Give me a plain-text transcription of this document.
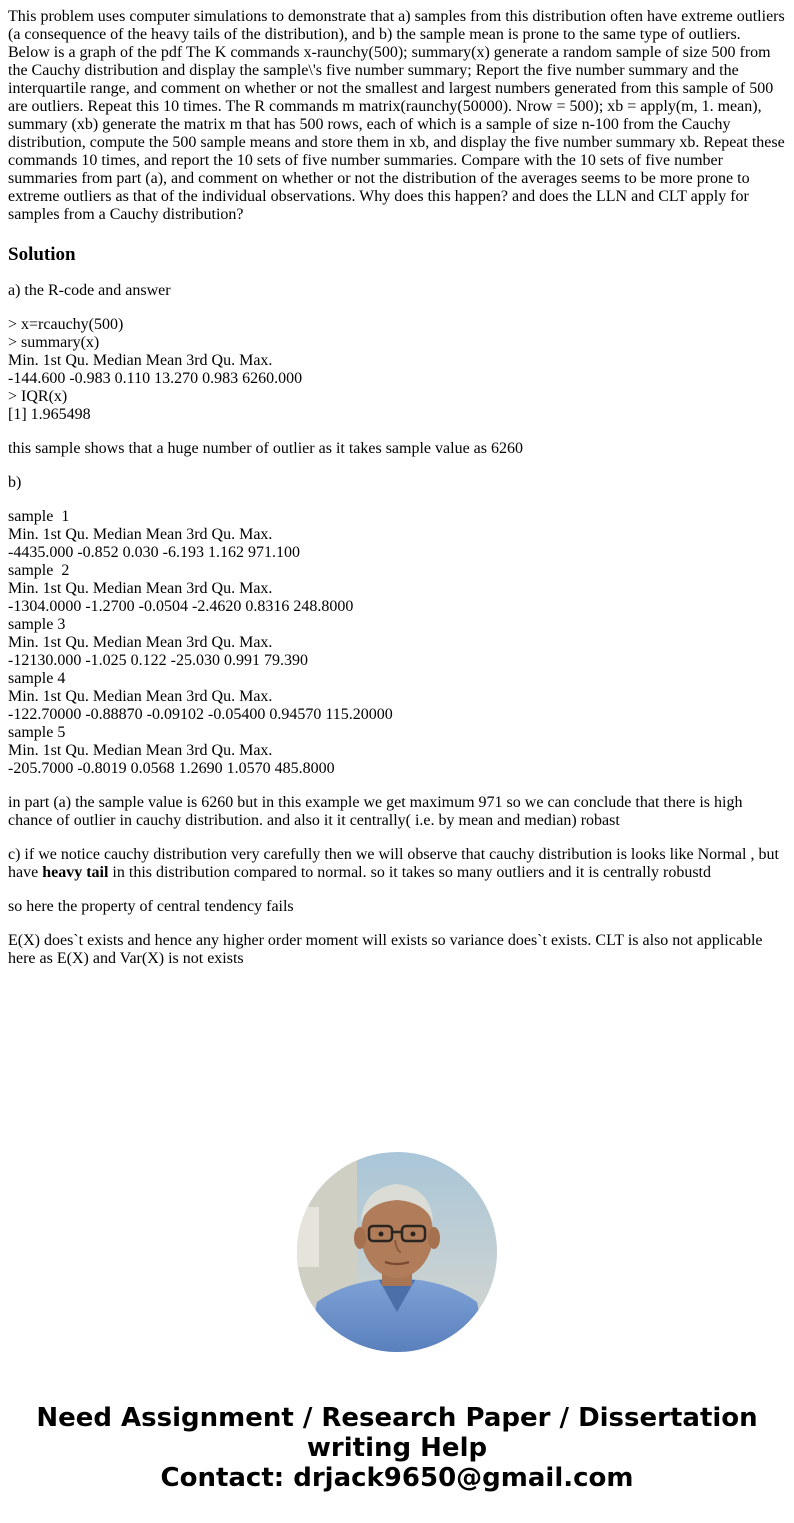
This problem uses computer simulations to demonstrate that a) samples from this distribution often have extreme outliers (a consequence of the heavy tails of the distribution), and b) the sample mean is prone to the same type of outliers. Below is a graph of the pdf The K commands x-raunchy(500); summary(x) generate a random sample of size 500 from the Cauchy distribution and display the sample\'s five number summary; Report the five number summary and the interquartile range, and comment on whether or not the smallest and largest numbers generated from this sample of 500 are outliers. Repeat this 10 times. The R commands m matrix(raunchy(50000). Nrow = 500); xb = apply(m, 1. mean), summary (xb) generate the matrix m that has 500 rows, each of which is a sample of size n-100 from the Cauchy distribution, compute the 500 sample means and store them in xb, and display the five number summary xb. Repeat these commands 10 times, and report the 10 sets of five number summaries. Compare with the 10 sets of five number summaries from part (a), and comment on whether or not the distribution of the averages seems to be more prone to extreme outliers as that of the individual observations. Why does this happen? and does the LLN and CLT apply for samples from a Cauchy distribution?
Solution

a) the R-code and answer

> x=rcauchy(500)
> summary(x)
Min. 1st Qu. Median Mean 3rd Qu. Max.
-144.600 -0.983 0.110 13.270 0.983 6260.000
> IQR(x)
[1] 1.965498

this sample shows that a huge number of outlier as it takes sample value as 6260

b)

sample  1
Min. 1st Qu. Median Mean 3rd Qu. Max.
-4435.000 -0.852 0.030 -6.193 1.162 971.100
sample  2
Min. 1st Qu. Median Mean 3rd Qu. Max.
-1304.0000 -1.2700 -0.0504 -2.4620 0.8316 248.8000
sample 3
Min. 1st Qu. Median Mean 3rd Qu. Max.
-12130.000 -1.025 0.122 -25.030 0.991 79.390
sample 4
Min. 1st Qu. Median Mean 3rd Qu. Max.
-122.70000 -0.88870 -0.09102 -0.05400 0.94570 115.20000
sample 5
Min. 1st Qu. Median Mean 3rd Qu. Max.
-205.7000 -0.8019 0.0568 1.2690 1.0570 485.8000

in part (a) the sample value is 6260 but in this example we get maximum 971 so we can conclude that there is high chance of outlier in cauchy distribution. and also it it centrally( i.e. by mean and median) robast

c) if we notice cauchy distribution very carefully then we will observe that cauchy distribution is looks like Normal , but have heavy tail in this distribution compared to normal. so it takes so many outliers and it is centrally robustd

so here the property of central tendency fails

E(X) does`t exists and hence any higher order moment will exists so variance does`t exists. CLT is also not applicable here as E(X) and Var(X) is not exists

Need Assignment / Research Paper / Dissertation
writing Help
Contact: drjack9650@gmail.com
